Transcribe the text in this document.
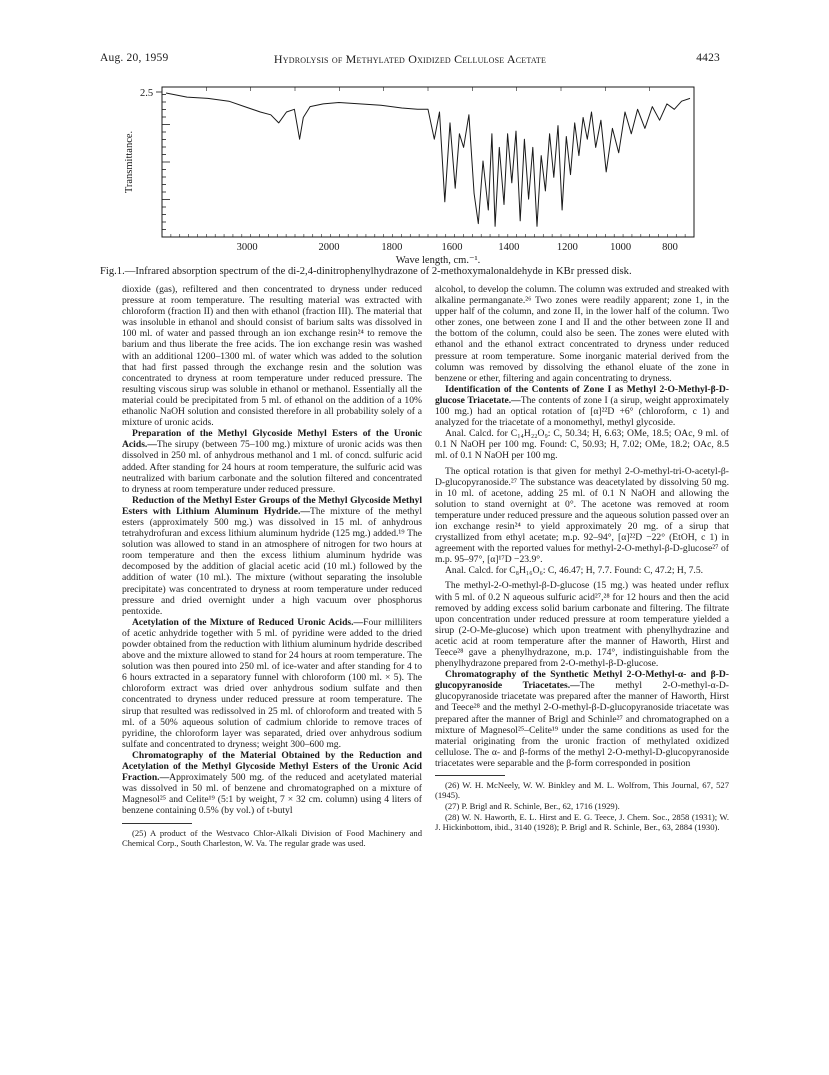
Aug. 20, 1959	Hydrolysis of Methylated Oxidized Cellulose Acetate	4423
2.5
3000	2000	1800	1600	1400	1200	1000	800
Wave length, cm.⁻¹.
Transmittance.
Fig.1.—Infrared absorption spectrum of the di-2,4-dinitrophenylhydrazone of 2-methoxymalonaldehyde in KBr pressed disk.

dioxide (gas), refiltered and then concentrated to dryness under reduced pressure at room temperature. The resulting material was extracted with chloroform (fraction II) and then with ethanol (fraction III). The material that was insoluble in ethanol and should consist of barium salts was dissolved in 100 ml. of water and passed through an ion exchange resin²⁴ to remove the barium and thus liberate the free acids. The ion exchange resin was washed with an additional 1200–1300 ml. of water which was added to the solution that had first passed through the exchange resin and the solution was concentrated to dryness at room temperature under reduced pressure. The resulting viscous sirup was soluble in ethanol or methanol. Essentially all the material could be precipitated from 5 ml. of ethanol on the addition of a 10% ethanolic NaOH solution and consisted therefore in all probability solely of a mixture of uronic acids.

Preparation of the Methyl Glycoside Methyl Esters of the Uronic Acids.—The sirupy (between 75–100 mg.) mixture of uronic acids was then dissolved in 250 ml. of anhydrous methanol and 1 ml. of concd. sulfuric acid added. After standing for 24 hours at room temperature, the sulfuric acid was neutralized with barium carbonate and the solution filtered and concentrated to dryness at room temperature under reduced pressure.

Reduction of the Methyl Ester Groups of the Methyl Glycoside Methyl Esters with Lithium Aluminum Hydride.—The mixture of the methyl esters (approximately 500 mg.) was dissolved in 15 ml. of anhydrous tetrahydrofuran and excess lithium aluminum hydride (125 mg.) added.¹⁹ The solution was allowed to stand in an atmosphere of nitrogen for two hours at room temperature and then the excess lithium aluminum hydride was decomposed by the addition of glacial acetic acid (10 ml.) followed by the addition of water (10 ml.). The mixture (without separating the insoluble precipitate) was concentrated to dryness at room temperature under reduced pressure and dried overnight under a high vacuum over phosphorus pentoxide.

Acetylation of the Mixture of Reduced Uronic Acids.—Four milliliters of acetic anhydride together with 5 ml. of pyridine were added to the dried powder obtained from the reduction with lithium aluminum hydride described above and the mixture allowed to stand for 24 hours at room temperature. The solution was then poured into 250 ml. of ice-water and after standing for 4 to 6 hours extracted in a separatory funnel with chloroform (100 ml. × 5). The chloroform extract was dried over anhydrous sodium sulfate and then concentrated to dryness under reduced pressure at room temperature. The sirup that resulted was redissolved in 25 ml. of chloroform and treated with 5 ml. of a 50% aqueous solution of cadmium chloride to remove traces of pyridine, the chloroform layer was separated, dried over anhydrous sodium sulfate and concentrated to dryness; weight 300–600 mg.

Chromatography of the Material Obtained by the Reduction and Acetylation of the Methyl Glycoside Methyl Esters of the Uronic Acid Fraction.—Approximately 500 mg. of the reduced and acetylated material was dissolved in 50 ml. of benzene and chromatographed on a mixture of Magnesol²⁵ and Celite¹⁹ (5:1 by weight, 7 × 32 cm. column) using 4 liters of benzene containing 0.5% (by vol.) of t-butyl

(25) A product of the Westvaco Chlor-Alkali Division of Food Machinery and Chemical Corp., South Charleston, W. Va. The regular grade was used.

alcohol, to develop the column. The column was extruded and streaked with alkaline permanganate.²⁶ Two zones were readily apparent; zone 1, in the upper half of the column, and zone II, in the lower half of the column. Two other zones, one between zone I and II and the other between zone II and the bottom of the column, could also be seen. The zones were eluted with ethanol and the ethanol extract concentrated to dryness under reduced pressure at room temperature. Some inorganic material derived from the column was removed by dissolving the ethanol eluate of the zone in benzene or ether, filtering and again concentrating to dryness.

Identification of the Contents of Zone I as Methyl 2-O-Methyl-β-D-glucose Triacetate.—The contents of zone I (a sirup, weight approximately 100 mg.) had an optical rotation of [α]²²D +6° (chloroform, c 1) and analyzed for the triacetate of a monomethyl, methyl glycoside.

Anal. Calcd. for C₁₄H₂₂O₉: C, 50.34; H, 6.63; OMe, 18.5; OAc, 9 ml. of 0.1 N NaOH per 100 mg. Found: C, 50.93; H, 7.02; OMe, 18.2; OAc, 8.5 ml. of 0.1 N NaOH per 100 mg.

The optical rotation is that given for methyl 2-O-methyl-tri-O-acetyl-β-D-glucopyranoside.²⁷ The substance was deacetylated by dissolving 50 mg. in 10 ml. of acetone, adding 25 ml. of 0.1 N NaOH and allowing the solution to stand overnight at 0°. The acetone was removed at room temperature under reduced pressure and the aqueous solution passed over an ion exchange resin²⁴ to yield approximately 20 mg. of a sirup that crystallized from ethyl acetate; m.p. 92–94°, [α]²²D −22° (EtOH, c 1) in agreement with the reported values for methyl-2-O-methyl-β-D-glucose²⁷ of m.p. 95–97°, [α]¹⁷D −23.9°.

Anal. Calcd. for C₈H₁₆O₆: C, 46.47; H, 7.7. Found: C, 47.2; H, 7.5.

The methyl-2-O-methyl-β-D-glucose (15 mg.) was heated under reflux with 5 ml. of 0.2 N aqueous sulfuric acid²⁷,²⁸ for 12 hours and then the acid removed by adding excess solid barium carbonate and filtering. The filtrate upon concentration under reduced pressure at room temperature yielded a sirup (2-O-Me-glucose) which upon treatment with phenylhydrazine and acetic acid at room temperature after the manner of Haworth, Hirst and Teece²⁸ gave a phenylhydrazone, m.p. 174°, indistinguishable from the phenylhydrazone prepared from 2-O-methyl-β-D-glucose.

Chromatography of the Synthetic Methyl 2-O-Methyl-α- and β-D-glucopyranoside Triacetates.—The methyl 2-O-methyl-α-D-glucopyranoside triacetate was prepared after the manner of Haworth, Hirst and Teece²⁸ and the methyl 2-O-methyl-β-D-glucopyranoside triacetate was prepared after the manner of Brigl and Schinle²⁷ and chromatographed on a mixture of Magnesol²⁵–Celite¹⁹ under the same conditions as used for the material originating from the uronic fraction of methylated oxidized cellulose. The α- and β-forms of the methyl 2-O-methyl-D-glucopyranoside triacetates were separable and the β-form corresponded in position

(26) W. H. McNeely, W. W. Binkley and M. L. Wolfrom, This Journal, 67, 527 (1945).

(27) P. Brigl and R. Schinle, Ber., 62, 1716 (1929).

(28) W. N. Haworth, E. L. Hirst and E. G. Teece, J. Chem. Soc., 2858 (1931); W. J. Hickinbottom, ibid., 3140 (1928); P. Brigl and R. Schinle, Ber., 63, 2884 (1930).
